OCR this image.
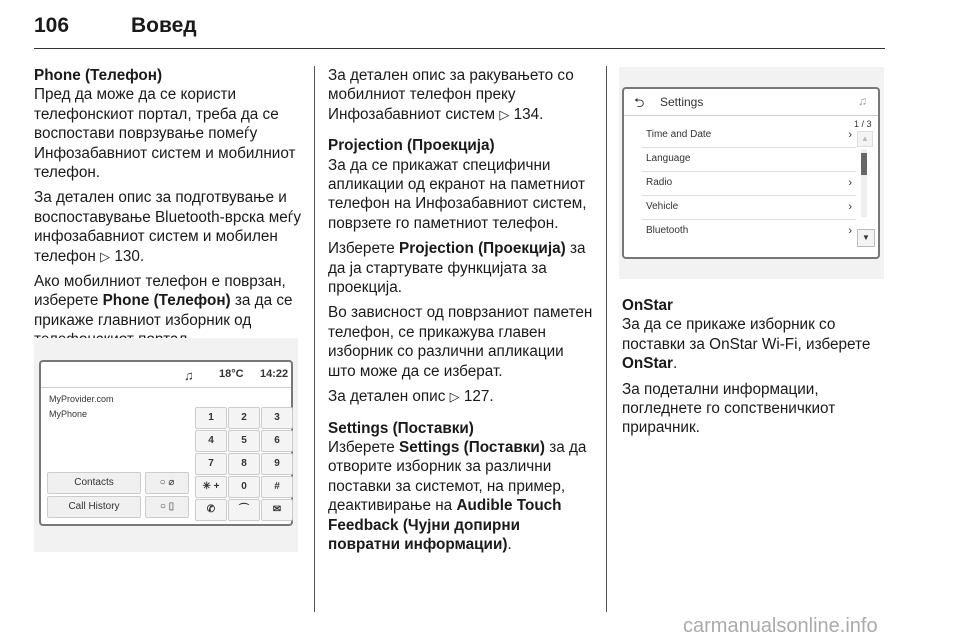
106	Вовед

Phone (Телефон)

Пред да може да се користи телефонскиот портал, треба да се воспостави поврзување помеѓу Инфозабавниот систем и мобилниот телефон.

За детален опис за подготвување и воспоставување Bluetooth-врска меѓу инфозабавниот систем и мобилен телефон ▷ 130.

Ако мобилниот телефон е поврзан, изберете Phone (Телефон) за да се прикаже главниот изборник од

♫ 18°C 14:22
MyProvider.com
MyPhone	1	2	3
4	5	6
7	8	9
✳ +	0	#
✆	⌒	✉
Contacts	○ ⌀
Call History	○ ▯

За детален опис за ракувањето со мобилниот телефон преку Инфозабавниот систем ▷ 134.

Projection (Проекција)

За да се прикажат специфични апликации од екранот на паметниот телефон на Инфозабавниот систем, поврзете го паметниот телефон.

Изберете Projection (Проекција) за да ја стартувате функцијата за проекција.

Во зависност од поврзаниот паметен телефон, се прикажува главен изборник со различни апликации што може да се изберат.

За детален опис ▷ 127.

Settings (Поставки)

Изберете Settings (Поставки) за да отворите изборник за различни поставки за системот, на пример, деактивирање на Audible Touch Feedback (Чујни допирни повратни информации).

⮌ Settings	♫
1 / 3
Time and Date	›
Language
Radio	›
Vehicle	›
Bluetooth	›
▲
▼

OnStar

За да се прикаже изборник со поставки за OnStar Wi-Fi, изберете OnStar.

За подетални информации, погледнете го сопственичкиот прирачник.

carmanualsonline.info
